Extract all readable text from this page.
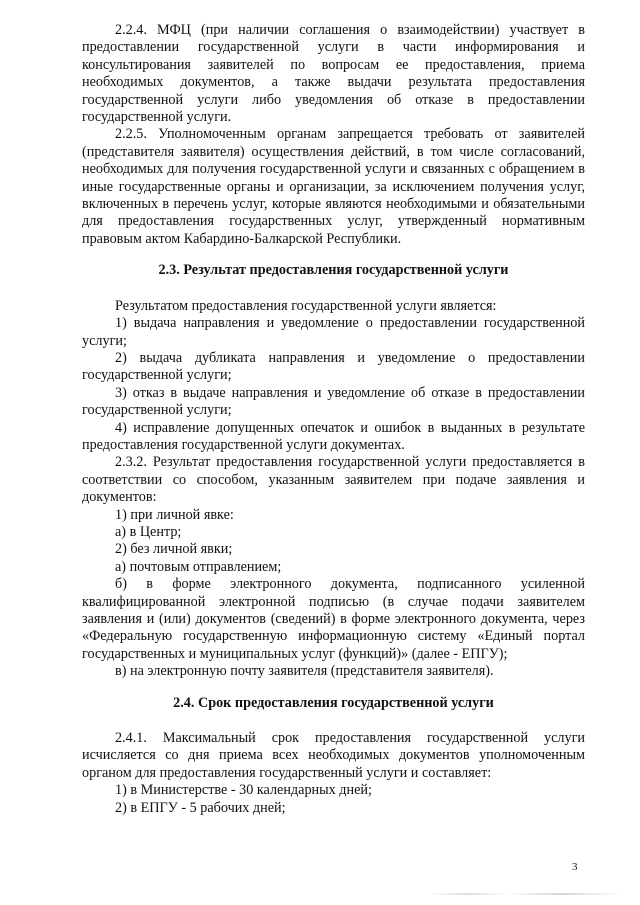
2.2.4. МФЦ (при наличии соглашения о взаимодействии) участвует в предоставлении государственной услуги в части информирования и консультирования заявителей по вопросам ее предоставления, приема необходимых документов, а также выдачи результата предоставления государственной услуги либо уведомления об отказе в предоставлении государственной услуги.

2.2.5. Уполномоченным органам запрещается требовать от заявителей (представителя заявителя) осуществления действий, в том числе согласований, необходимых для получения государственной услуги и связанных с обращением в иные государственные органы и организации, за исключением получения услуг, включенных в перечень услуг, которые являются необходимыми и обязательными для предоставления государственных услуг, утвержденный нормативным правовым актом Кабардино-Балкарской Республики.

2.3. Результат предоставления государственной услуги

Результатом предоставления государственной услуги является:

1) выдача направления и уведомление о предоставлении государственной услуги;

2) выдача дубликата направления и уведомление о предоставлении государственной услуги;

3) отказ в выдаче направления и уведомление об отказе в предоставлении государственной услуги;

4) исправление допущенных опечаток и ошибок в выданных в результате предоставления государственной услуги документах.

2.3.2. Результат предоставления государственной услуги предоставляется в соответствии со способом, указанным заявителем при подаче заявления и документов:

1) при личной явке:

а) в Центр;

2) без личной явки;

а) почтовым отправлением;

б) в форме электронного документа, подписанного усиленной квалифицированной электронной подписью (в случае подачи заявителем заявления и (или) документов (сведений) в форме электронного документа, через «Федеральную государственную информационную систему «Единый портал государственных и муниципальных услуг (функций)» (далее - ЕПГУ);

в) на электронную почту заявителя (представителя заявителя).

2.4. Срок предоставления государственной услуги

2.4.1. Максимальный срок предоставления государственной услуги исчисляется со дня приема всех необходимых документов уполномоченным органом для предоставления государственный услуги и составляет:

1) в Министерстве - 30 календарных дней;

2) в ЕПГУ - 5 рабочих дней;

3
